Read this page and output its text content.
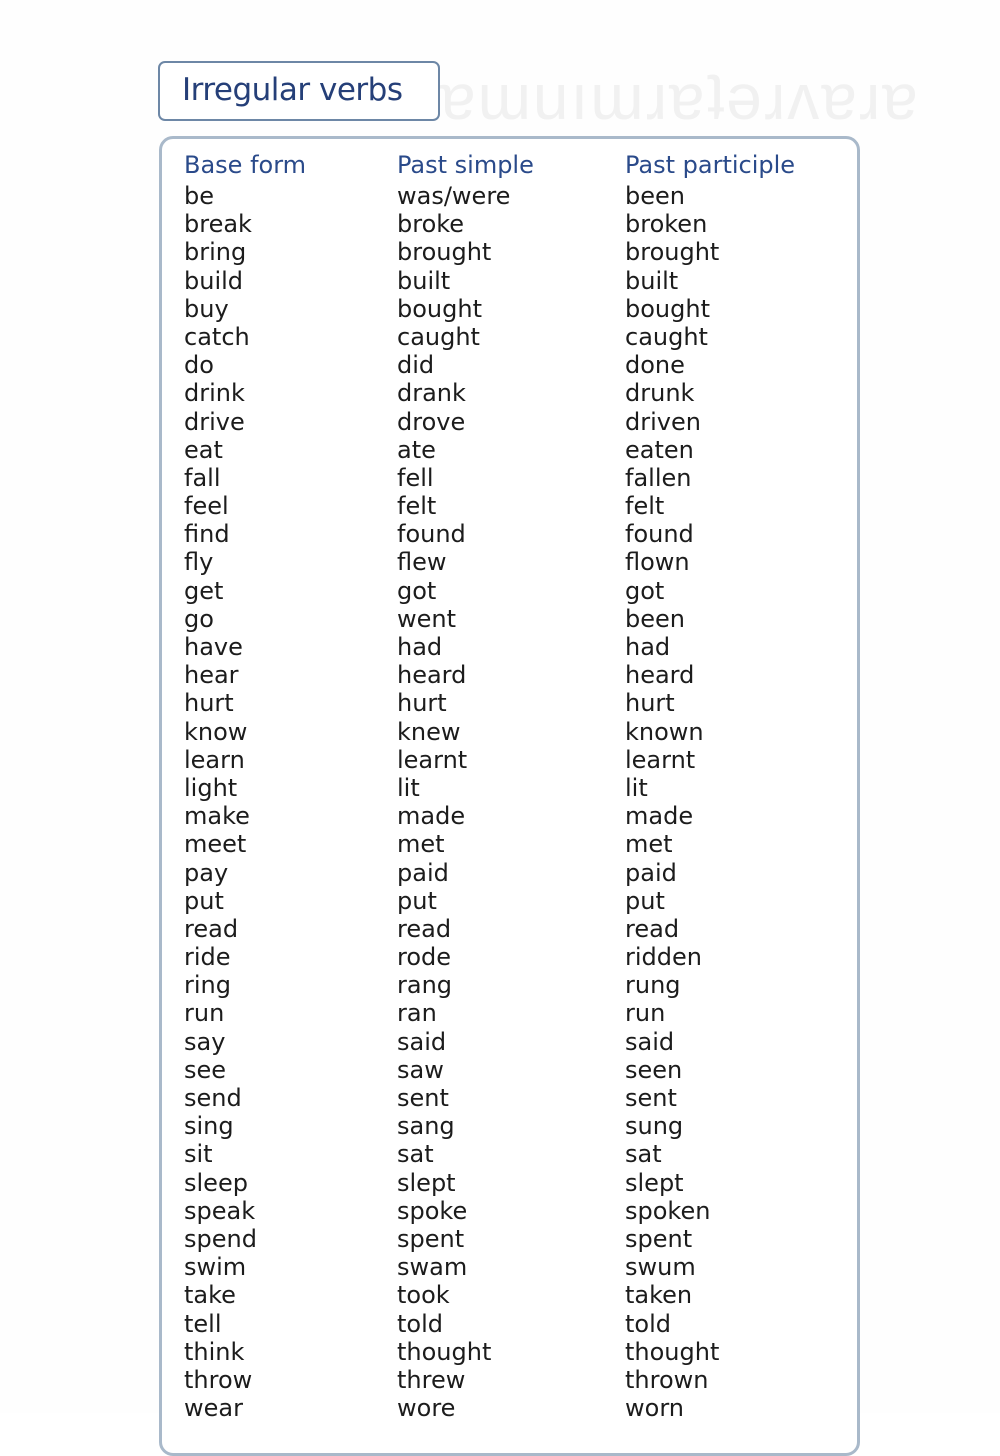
ɐɯuıɯɹɐʇǝɹʌɐɹɐ
Irregular verbs
Base form
be
break
bring
build
buy
catch
do
drink
drive
eat
fall
feel
find
fly
get
go
have
hear
hurt
know
learn
light
make
meet
pay
put
read
ride
ring
run
say
see
send
sing
sit
sleep
speak
spend
swim
take
tell
think
throw
wear
Past simple
was/were
broke
brought
built
bought
caught
did
drank
drove
ate
fell
felt
found
flew
got
went
had
heard
hurt
knew
learnt
lit
made
met
paid
put
read
rode
rang
ran
said
saw
sent
sang
sat
slept
spoke
spent
swam
took
told
thought
threw
wore
Past participle
been
broken
brought
built
bought
caught
done
drunk
driven
eaten
fallen
felt
found
flown
got
been
had
heard
hurt
known
learnt
lit
made
met
paid
put
read
ridden
rung
run
said
seen
sent
sung
sat
slept
spoken
spent
swum
taken
told
thought
thrown
worn
